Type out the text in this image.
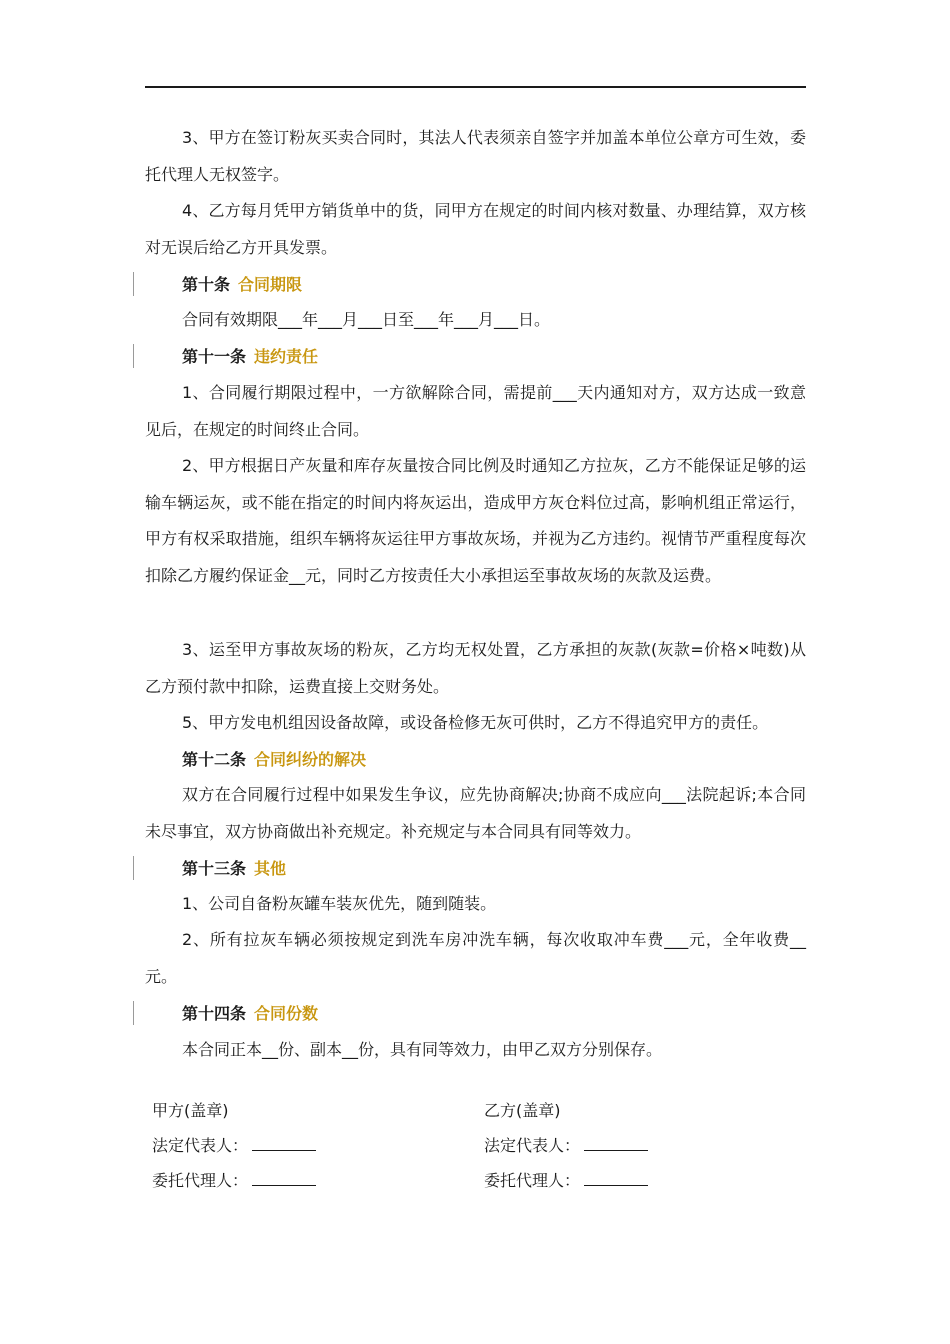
3、甲方在签订粉灰买卖合同时，其法人代表须亲自签字并加盖本单位公章方可生效，委托代理人无权签字。

4、乙方每月凭甲方销货单中的货，同甲方在规定的时间内核对数量、办理结算，双方核对无误后给乙方开具发票。

第十条 合同期限

合同有效期限___年___月___日至___年___月___日。

第十一条 违约责任

1、合同履行期限过程中，一方欲解除合同，需提前___天内通知对方，双方达成一致意见后，在规定的时间终止合同。

2、甲方根据日产灰量和库存灰量按合同比例及时通知乙方拉灰，乙方不能保证足够的运输车辆运灰，或不能在指定的时间内将灰运出，造成甲方灰仓料位过高，影响机组正常运行，甲方有权采取措施，组织车辆将灰运往甲方事故灰场，并视为乙方违约。视情节严重程度每次扣除乙方履约保证金__元，同时乙方按责任大小承担运至事故灰场的灰款及运费。

3、运至甲方事故灰场的粉灰，乙方均无权处置，乙方承担的灰款(灰款=价格×吨数)从乙方预付款中扣除，运费直接上交财务处。

5、甲方发电机组因设备故障，或设备检修无灰可供时，乙方不得追究甲方的责任。

第十二条 合同纠纷的解决

双方在合同履行过程中如果发生争议，应先协商解决;协商不成应向___法院起诉;本合同未尽事宜，双方协商做出补充规定。补充规定与本合同具有同等效力。

第十三条 其他

1、公司自备粉灰罐车装灰优先，随到随装。

2、所有拉灰车辆必须按规定到洗车房冲洗车辆，每次收取冲车费___元，全年收费__元。

第十四条 合同份数

本合同正本__份、副本__份，具有同等效力，由甲乙双方分别保存。

甲方(盖章)

法定代表人：

委托代理人：

乙方(盖章)

法定代表人：

委托代理人：
